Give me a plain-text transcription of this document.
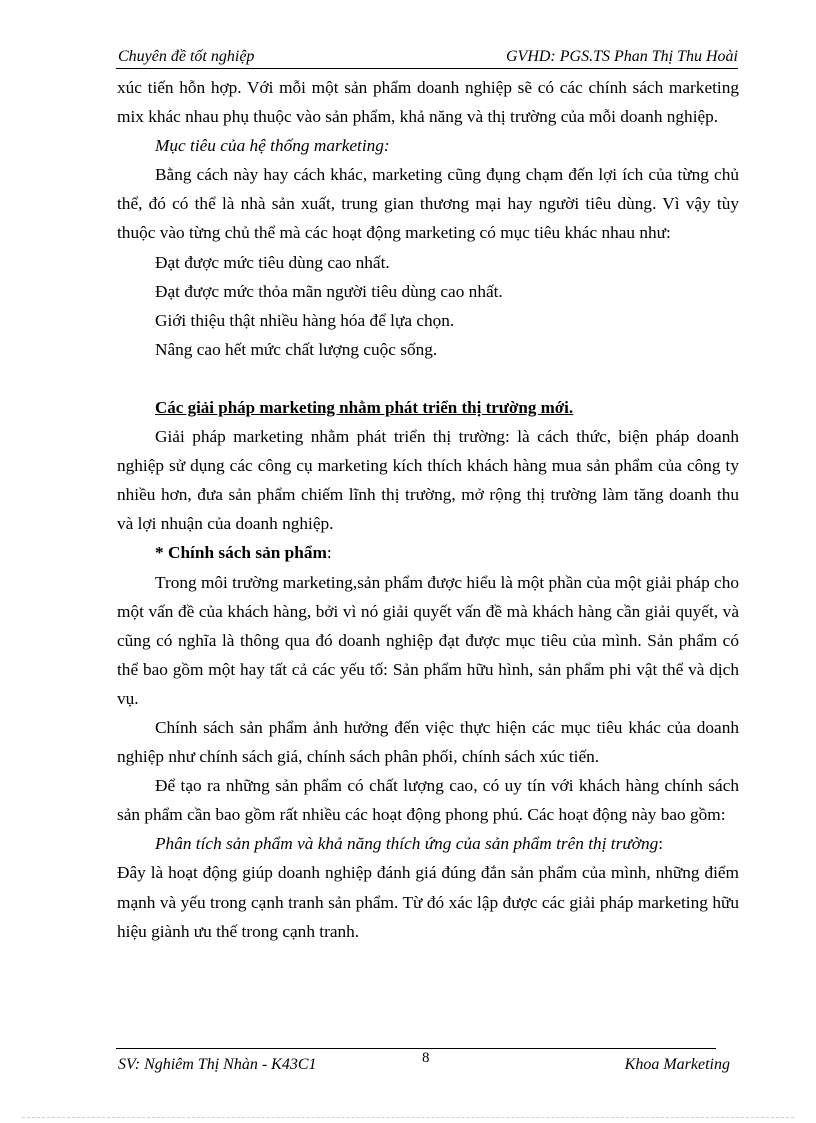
Chuyên đề tốt nghiệp	GVHD: PGS.TS Phan Thị Thu Hoài

xúc tiến hỗn hợp. Với mỗi một sản phẩm doanh nghiệp sẽ có các chính sách marketing mix khác nhau phụ thuộc vào sản phẩm, khả năng và thị trường của mỗi doanh nghiệp.

Mục tiêu của hệ thống marketing:

Bằng cách này hay cách khác, marketing cũng đụng chạm đến lợi ích của từng chủ thể, đó có thể là nhà sản xuất, trung gian thương mại hay người tiêu dùng. Vì vậy tùy thuộc vào từng chủ thể mà các hoạt động marketing có mục tiêu khác nhau như:

Đạt được mức tiêu dùng cao nhất.

Đạt được mức thỏa mãn người tiêu dùng cao nhất.

Giới thiệu thật nhiều hàng hóa để lựa chọn.

Nâng cao hết mức chất lượng cuộc sống.

Các giải pháp marketing nhằm phát triển thị trường mới.

Giải pháp marketing nhằm phát triển thị trường: là cách thức, biện pháp doanh nghiệp sử dụng các công cụ marketing kích thích khách hàng mua sản phẩm của công ty nhiều hơn, đưa sản phẩm chiếm lĩnh thị trường, mở rộng thị trường làm tăng doanh thu và lợi nhuận của doanh nghiệp.

* Chính sách sản phẩm:

Trong môi trường marketing,sản phẩm được hiểu là một phần của một giải pháp cho một vấn đề của khách hàng, bởi vì nó giải quyết vấn đề mà khách hàng cần giải quyết, và cũng có nghĩa là thông qua đó doanh nghiệp đạt được mục tiêu của mình. Sản phẩm có thể bao gồm một hay tất cả các yếu tố: Sản phẩm hữu hình, sản phẩm phi vật thể và dịch vụ.

Chính sách sản phẩm ảnh hưởng đến việc thực hiện các mục tiêu khác của doanh nghiệp như chính sách giá, chính sách phân phối, chính sách xúc tiến.

Để tạo ra những sản phẩm có chất lượng cao, có uy tín với khách hàng chính sách sản phẩm cần bao gồm rất nhiều các hoạt động phong phú. Các hoạt động này bao gồm:

Phân tích sản phẩm và khả năng thích ứng của sản phẩm trên thị trường:

Đây là hoạt động giúp doanh nghiệp đánh giá đúng đắn sản phẩm của mình, những điểm mạnh và yếu trong cạnh tranh sản phẩm. Từ đó xác lập được các giải pháp marketing hữu hiệu giành ưu thế trong cạnh tranh.

SV: Nghiêm Thị Nhàn - K43C1	8	Khoa Marketing
